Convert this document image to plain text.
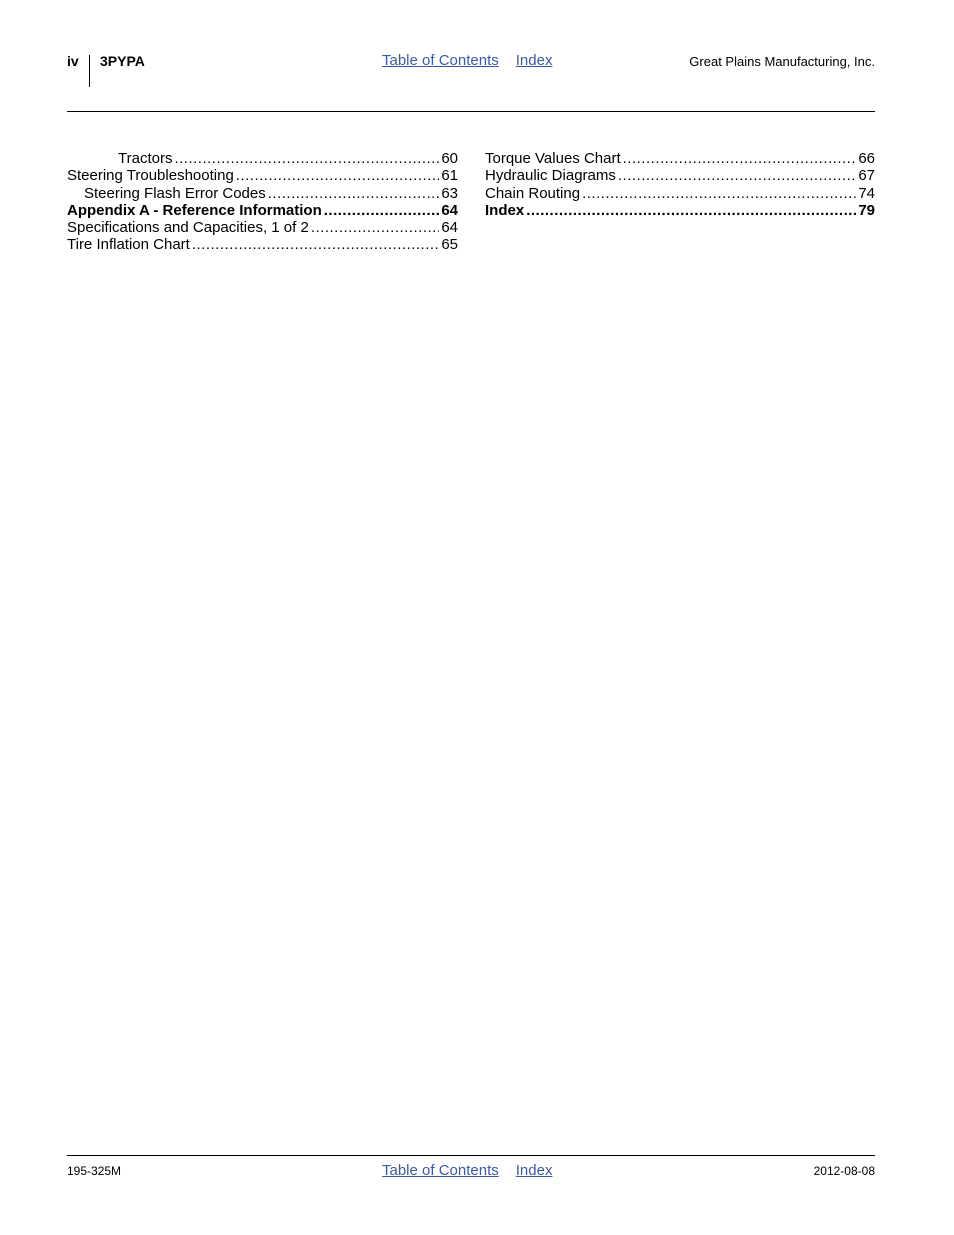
iv 3PYPA	Table of Contents Index	Great Plains Manufacturing, Inc.
Tractors .....	60
Steering Troubleshooting .....	61
Steering Flash Error Codes .....	63
Appendix A - Reference Information .....	64
Specifications and Capacities, 1 of 2 .....	64
Tire Inflation Chart .....	65
Torque Values Chart .....	66
Hydraulic Diagrams .....	67
Chain Routing .....	74
Index .....	79
195-325M	Table of Contents Index	2012-08-08
